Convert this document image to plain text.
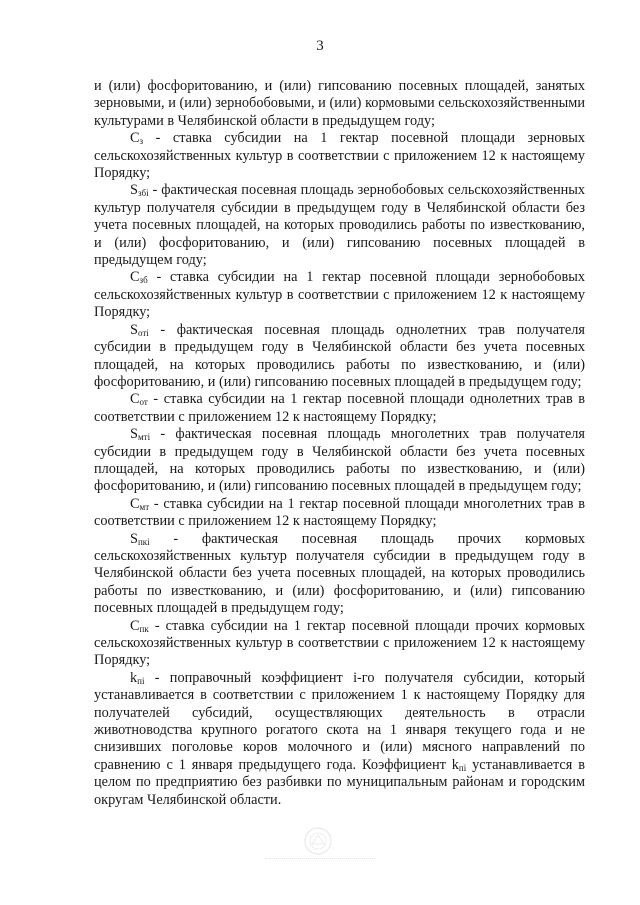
3

и (или) фосфоритованию, и (или) гипсованию посевных площадей, занятых зерновыми, и (или) зернобобовыми, и (или) кормовыми сельскохозяйственными культурами в Челябинской области в предыдущем году;

$С_з$ - ставка субсидии на 1 гектар посевной площади зерновых сельскохозяйственных культур в соответствии с приложением 12 к настоящему Порядку;

$S_{збі}$ - фактическая посевная площадь зернобобовых сельскохозяйственных культур получателя субсидии в предыдущем году в Челябинской области без учета посевных площадей, на которых проводились работы по известкованию, и (или) фосфоритованию, и (или) гипсованию посевных площадей в предыдущем году;

$С_{зб}$ - ставка субсидии на 1 гектар посевной площади зернобобовых сельскохозяйственных культур в соответствии с приложением 12 к настоящему Порядку;

$S_{отi}$ - фактическая посевная площадь однолетних трав получателя субсидии в предыдущем году в Челябинской области без учета посевных площадей, на которых проводились работы по известкованию, и (или) фосфоритованию, и (или) гипсованию посевных площадей в предыдущем году;

$С_{от}$ - ставка субсидии на 1 гектар посевной площади однолетних трав в соответствии с приложением 12 к настоящему Порядку;

$S_{мтi}$ - фактическая посевная площадь многолетних трав получателя субсидии в предыдущем году в Челябинской области без учета посевных площадей, на которых проводились работы по известкованию, и (или) фосфоритованию, и (или) гипсованию посевных площадей в предыдущем году;

$С_{мт}$ - ставка субсидии на 1 гектар посевной площади многолетних трав в соответствии с приложением 12 к настоящему Порядку;

$S_{пкi}$ - фактическая посевная площадь прочих кормовых сельскохозяйственных культур получателя субсидии в предыдущем году в Челябинской области без учета посевных площадей, на которых проводились работы по известкованию, и (или) фосфоритованию, и (или) гипсованию посевных площадей в предыдущем году;

$С_{пк}$ - ставка субсидии на 1 гектар посевной площади прочих кормовых сельскохозяйственных культур в соответствии с приложением 12 к настоящему Порядку;

$k_{пi}$ - поправочный коэффициент i-го получателя субсидии, который устанавливается в соответствии с приложением 1 к настоящему Порядку для получателей субсидий, осуществляющих деятельность в отрасли животноводства крупного рогатого скота на 1 января текущего года и не снизивших поголовье коров молочного и (или) мясного направлений по сравнению с 1 января предыдущего года. Коэффициент $k_{пi}$ устанавливается в целом по предприятию без разбивки по муниципальным районам и городским округам Челябинской области.
